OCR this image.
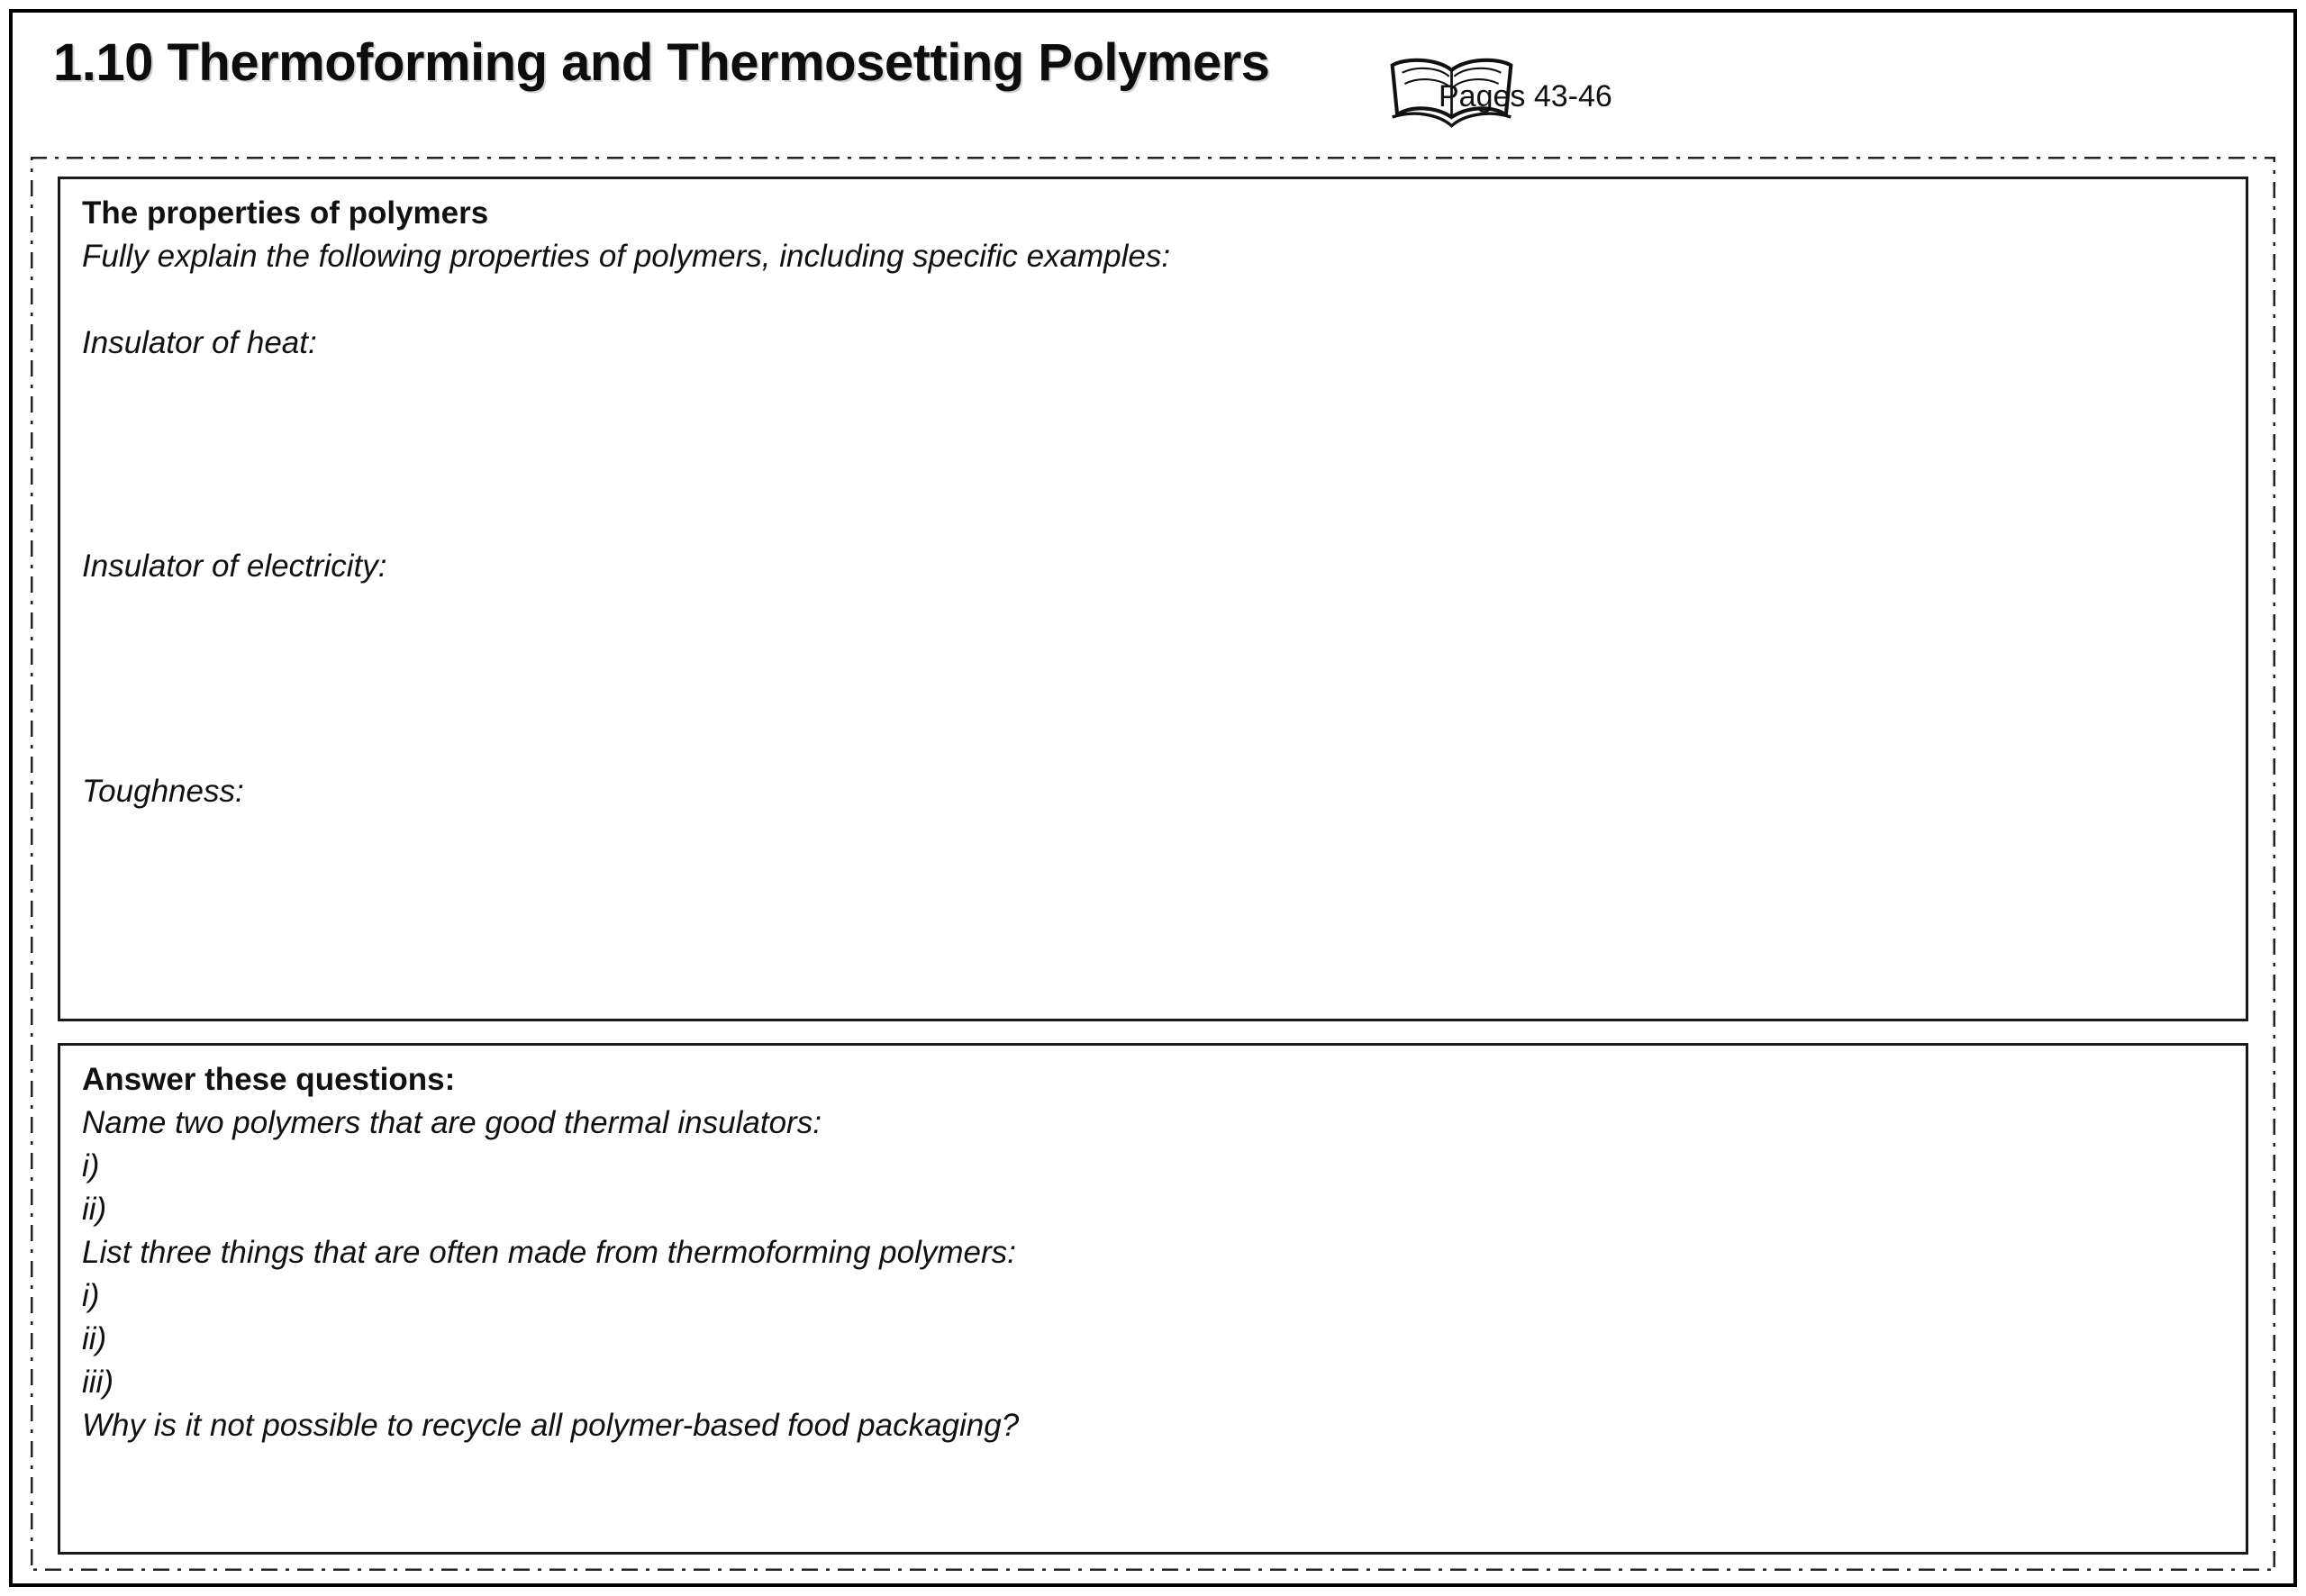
1.10 Thermoforming and Thermosetting Polymers
Pages 43-46
The properties of polymers
Fully explain the following properties of polymers, including specific examples:
Insulator of heat:
Insulator of electricity:
Toughness:
Answer these questions:
Name two polymers that are good thermal insulators:
i)
ii)
List three things that are often made from thermoforming polymers:
i)
ii)
iii)
Why is it not possible to recycle all polymer-based food packaging?
